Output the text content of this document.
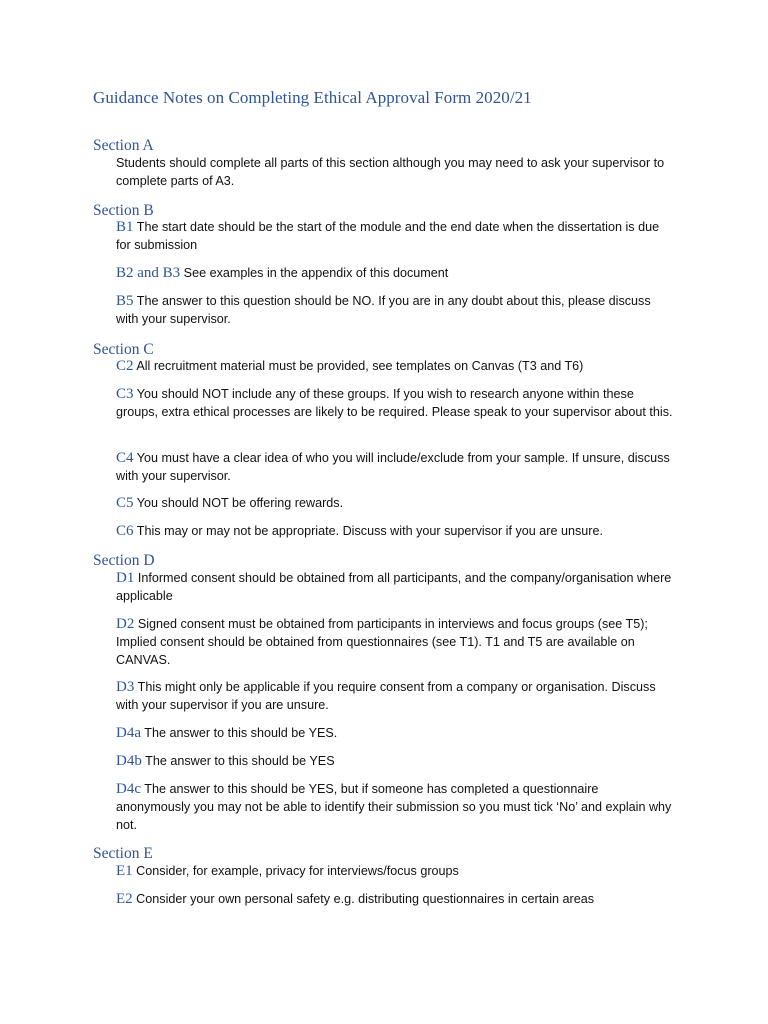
Guidance Notes on Completing Ethical Approval Form 2020/21
Section A

Students should complete all parts of this section although you may need to ask your supervisor to complete parts of A3.

Section B

B1 The start date should be the start of the module and the end date when the dissertation is due for submission

B2 and B3 See examples in the appendix of this document

B5 The answer to this question should be NO. If you are in any doubt about this, please discuss with your supervisor.

Section C

C2 All recruitment material must be provided, see templates on Canvas (T3 and T6)

C3 You should NOT include any of these groups. If you wish to research anyone within these groups, extra ethical processes are likely to be required. Please speak to your supervisor about this.

C4 You must have a clear idea of who you will include/exclude from your sample. If unsure, discuss with your supervisor.

C5 You should NOT be offering rewards.

C6 This may or may not be appropriate. Discuss with your supervisor if you are unsure.

Section D

D1 Informed consent should be obtained from all participants, and the company/organisation where applicable

D2 Signed consent must be obtained from participants in interviews and focus groups (see T5); Implied consent should be obtained from questionnaires (see T1). T1 and T5 are available on CANVAS.

D3 This might only be applicable if you require consent from a company or organisation. Discuss with your supervisor if you are unsure.

D4a The answer to this should be YES.

D4b The answer to this should be YES

D4c The answer to this should be YES, but if someone has completed a questionnaire anonymously you may not be able to identify their submission so you must tick ‘No’ and explain why not.

Section E

E1 Consider, for example, privacy for interviews/focus groups

E2 Consider your own personal safety e.g. distributing questionnaires in certain areas
